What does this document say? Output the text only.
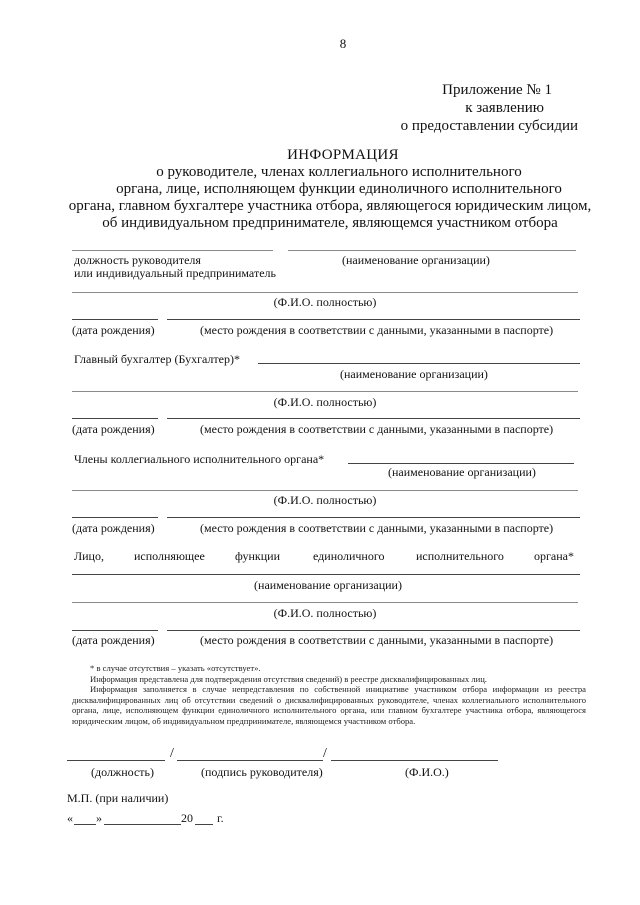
8
Приложение № 1
к заявлению
о предоставлении субсидии
ИНФОРМАЦИЯ
о руководителе, членах коллегиального исполнительного
органа, лице, исполняющем функции единоличного исполнительного
органа, главном бухгалтере участника отбора, являющегося юридическим лицом,
об индивидуальном предпринимателе, являющемся участником отбора
должность руководителя	(наименование организации)
или индивидуальный предприниматель
(Ф.И.О. полностью)
(дата рождения)	(место рождения в соответствии с данными, указанными в паспорте)
Главный бухгалтер (Бухгалтер)*
(наименование организации)
(Ф.И.О. полностью)
(дата рождения)	(место рождения в соответствии с данными, указанными в паспорте)
Члены коллегиального исполнительного органа*
(наименование организации)
(Ф.И.О. полностью)
(дата рождения)	(место рождения в соответствии с данными, указанными в паспорте)
Лицо,	исполняющее	функции	единоличного	исполнительного	органа*
(наименование организации)
(Ф.И.О. полностью)
(дата рождения)	(место рождения в соответствии с данными, указанными в паспорте)

* в случае отсутствия – указать «отсутствует».

Информация представлена для подтверждения отсутствия сведений) в реестре дисквалифицированных лиц.

Информация заполняется в случае непредставления по собственной инициативе участником отбора информации из реестра дисквалифицированных лиц об отсутствии сведений о дисквалифицированных руководителе, членах коллегиального исполнительного органа, лице, исполняющем функции единоличного исполнительного органа, или главном бухгалтере участника отбора, являющегося юридическим лицом, об индивидуальном предпринимателе, являющемся участником отбора.

/	/
(должность)	(подпись руководителя)	(Ф.И.О.)
М.П. (при наличии)
« »	20 г.
